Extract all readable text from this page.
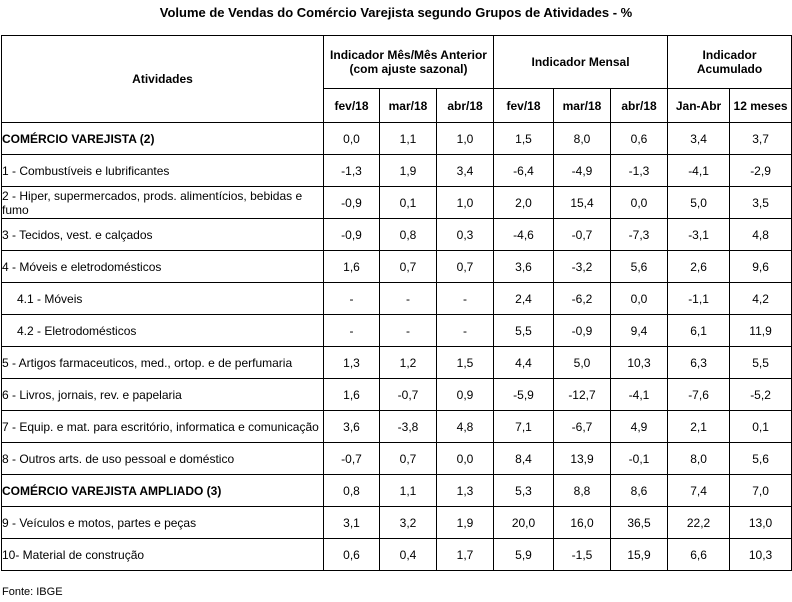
Volume de Vendas do Comércio Varejista segundo Grupos de Atividades - %
Atividades	Indicador Mês/Mês Anterior (com ajuste sazonal)			Indicador Mensal			Indicador Acumulado	
	fev/18	mar/18	abr/18	fev/18	mar/18	abr/18	Jan-Abr	12 meses
COMÉRCIO VAREJISTA (2)	0,0	1,1	1,0	1,5	8,0	0,6	3,4	3,7
1 - Combustíveis e lubrificantes	-1,3	1,9	3,4	-6,4	-4,9	-1,3	-4,1	-2,9
2 - Hiper, supermercados, prods. alimentícios, bebidas e fumo	-0,9	0,1	1,0	2,0	15,4	0,0	5,0	3,5
3 - Tecidos, vest. e calçados	-0,9	0,8	0,3	-4,6	-0,7	-7,3	-3,1	4,8
4 - Móveis e eletrodomésticos	1,6	0,7	0,7	3,6	-3,2	5,6	2,6	9,6
4.1 - Móveis	-	-	-	2,4	-6,2	0,0	-1,1	4,2
4.2 - Eletrodomésticos	-	-	-	5,5	-0,9	9,4	6,1	11,9
5 - Artigos farmaceuticos, med., ortop. e de perfumaria	1,3	1,2	1,5	4,4	5,0	10,3	6,3	5,5
6 - Livros, jornais, rev. e papelaria	1,6	-0,7	0,9	-5,9	-12,7	-4,1	-7,6	-5,2
7 - Equip. e mat. para escritório, informatica e comunicação	3,6	-3,8	4,8	7,1	-6,7	4,9	2,1	0,1
8 - Outros arts. de uso pessoal e doméstico	-0,7	0,7	0,0	8,4	13,9	-0,1	8,0	5,6
COMÉRCIO VAREJISTA AMPLIADO (3)	0,8	1,1	1,3	5,3	8,8	8,6	7,4	7,0
9 - Veículos e motos, partes e peças	3,1	3,2	1,9	20,0	16,0	36,5	22,2	13,0
10- Material de construção	0,6	0,4	1,7	5,9	-1,5	15,9	6,6	10,3
Fonte: IBGE
